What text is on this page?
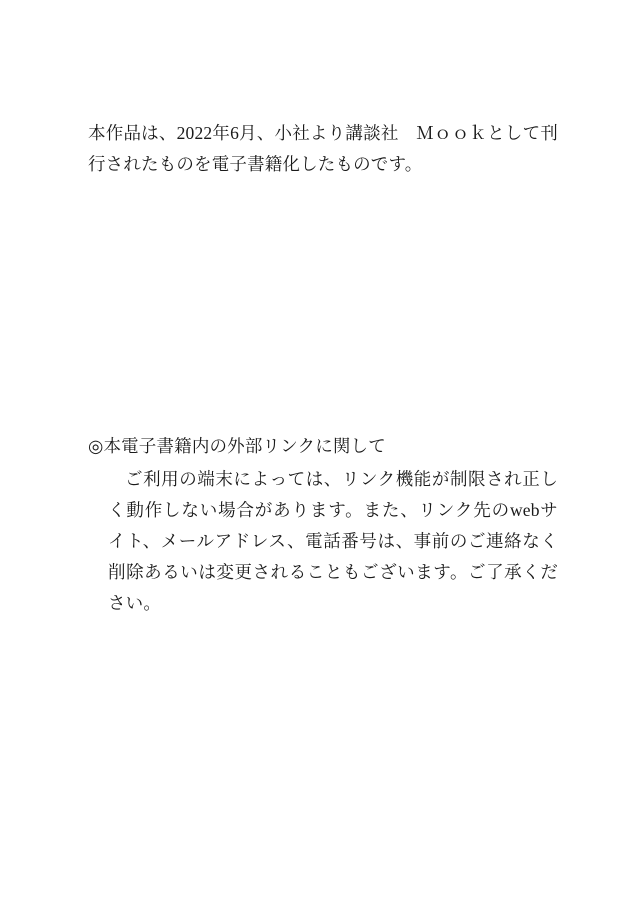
本作品は、2022年6月、小社より講談社　Ｍｏｏｋとして刊行されたものを電子書籍化したものです。

◎本電子書籍内の外部リンクに関して

ご利用の端末によっては、リンク機能が制限され正しく動作しない場合があります。また、リンク先のwebサイト、メールアドレス、電話番号は、事前のご連絡なく削除あるいは変更されることもございます。ご了承ください。
